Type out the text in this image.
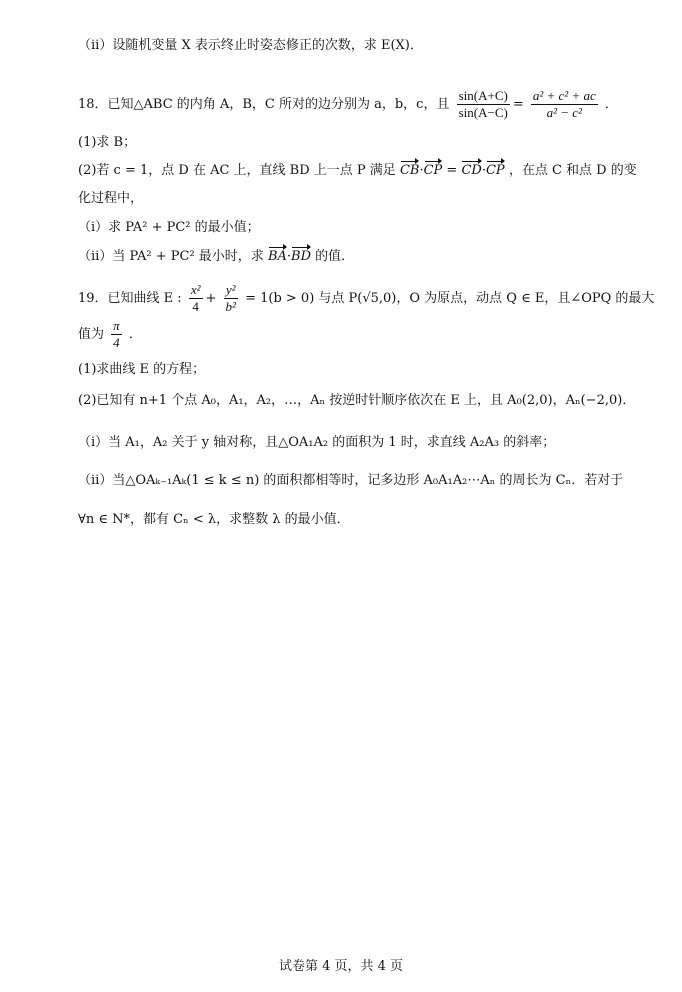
（ⅱ）设随机变量 X 表示终止时姿态修正的次数，求 E(X)．
18．已知△ABC 的内角 A，B，C 所对的边分别为 a，b，c，且 $\frac{\sin(A+C)}{\sin(A-C)} = \frac{\text{a² + c² + ac}}{\text{a² − c²}}$ ．
(1)求 B；
(2)若 c = 1，点 D 在 AC 上，直线 BD 上一点 P 满足 CB·CP = CD·CP ，在点 C 和点 D 的变
化过程中，
（ⅰ）求 PA² + PC² 的最小值；
（ⅱ）当 PA² + PC² 最小时，求 BA·BD 的值．
19．已知曲线 E : $\frac{\text{x²}}{4} + \frac{\text{y²}}{\text{b²}} = 1(b > 0)$ 与点 P(√5,0)，O 为原点，动点 Q ∈ E，且∠OPQ 的最大
值为 $\frac{\pi}{4}$ ．
(1)求曲线 E 的方程；
(2)已知有 n+1 个点 A₀，A₁，A₂，…，Aₙ 按逆时针顺序依次在 E 上，且 A₀(2,0)，Aₙ(−2,0)．
（ⅰ）当 A₁，A₂ 关于 y 轴对称，且△OA₁A₂ 的面积为 1 时，求直线 A₂A₃ 的斜率；
（ⅱ）当△OAₖ₋₁Aₖ(1 ≤ k ≤ n) 的面积都相等时，记多边形 A₀A₁A₂⋯Aₙ 的周长为 Cₙ．若对于
∀n ∈ N*，都有 Cₙ < λ，求整数 λ 的最小值．
试卷第 4 页，共 4 页
